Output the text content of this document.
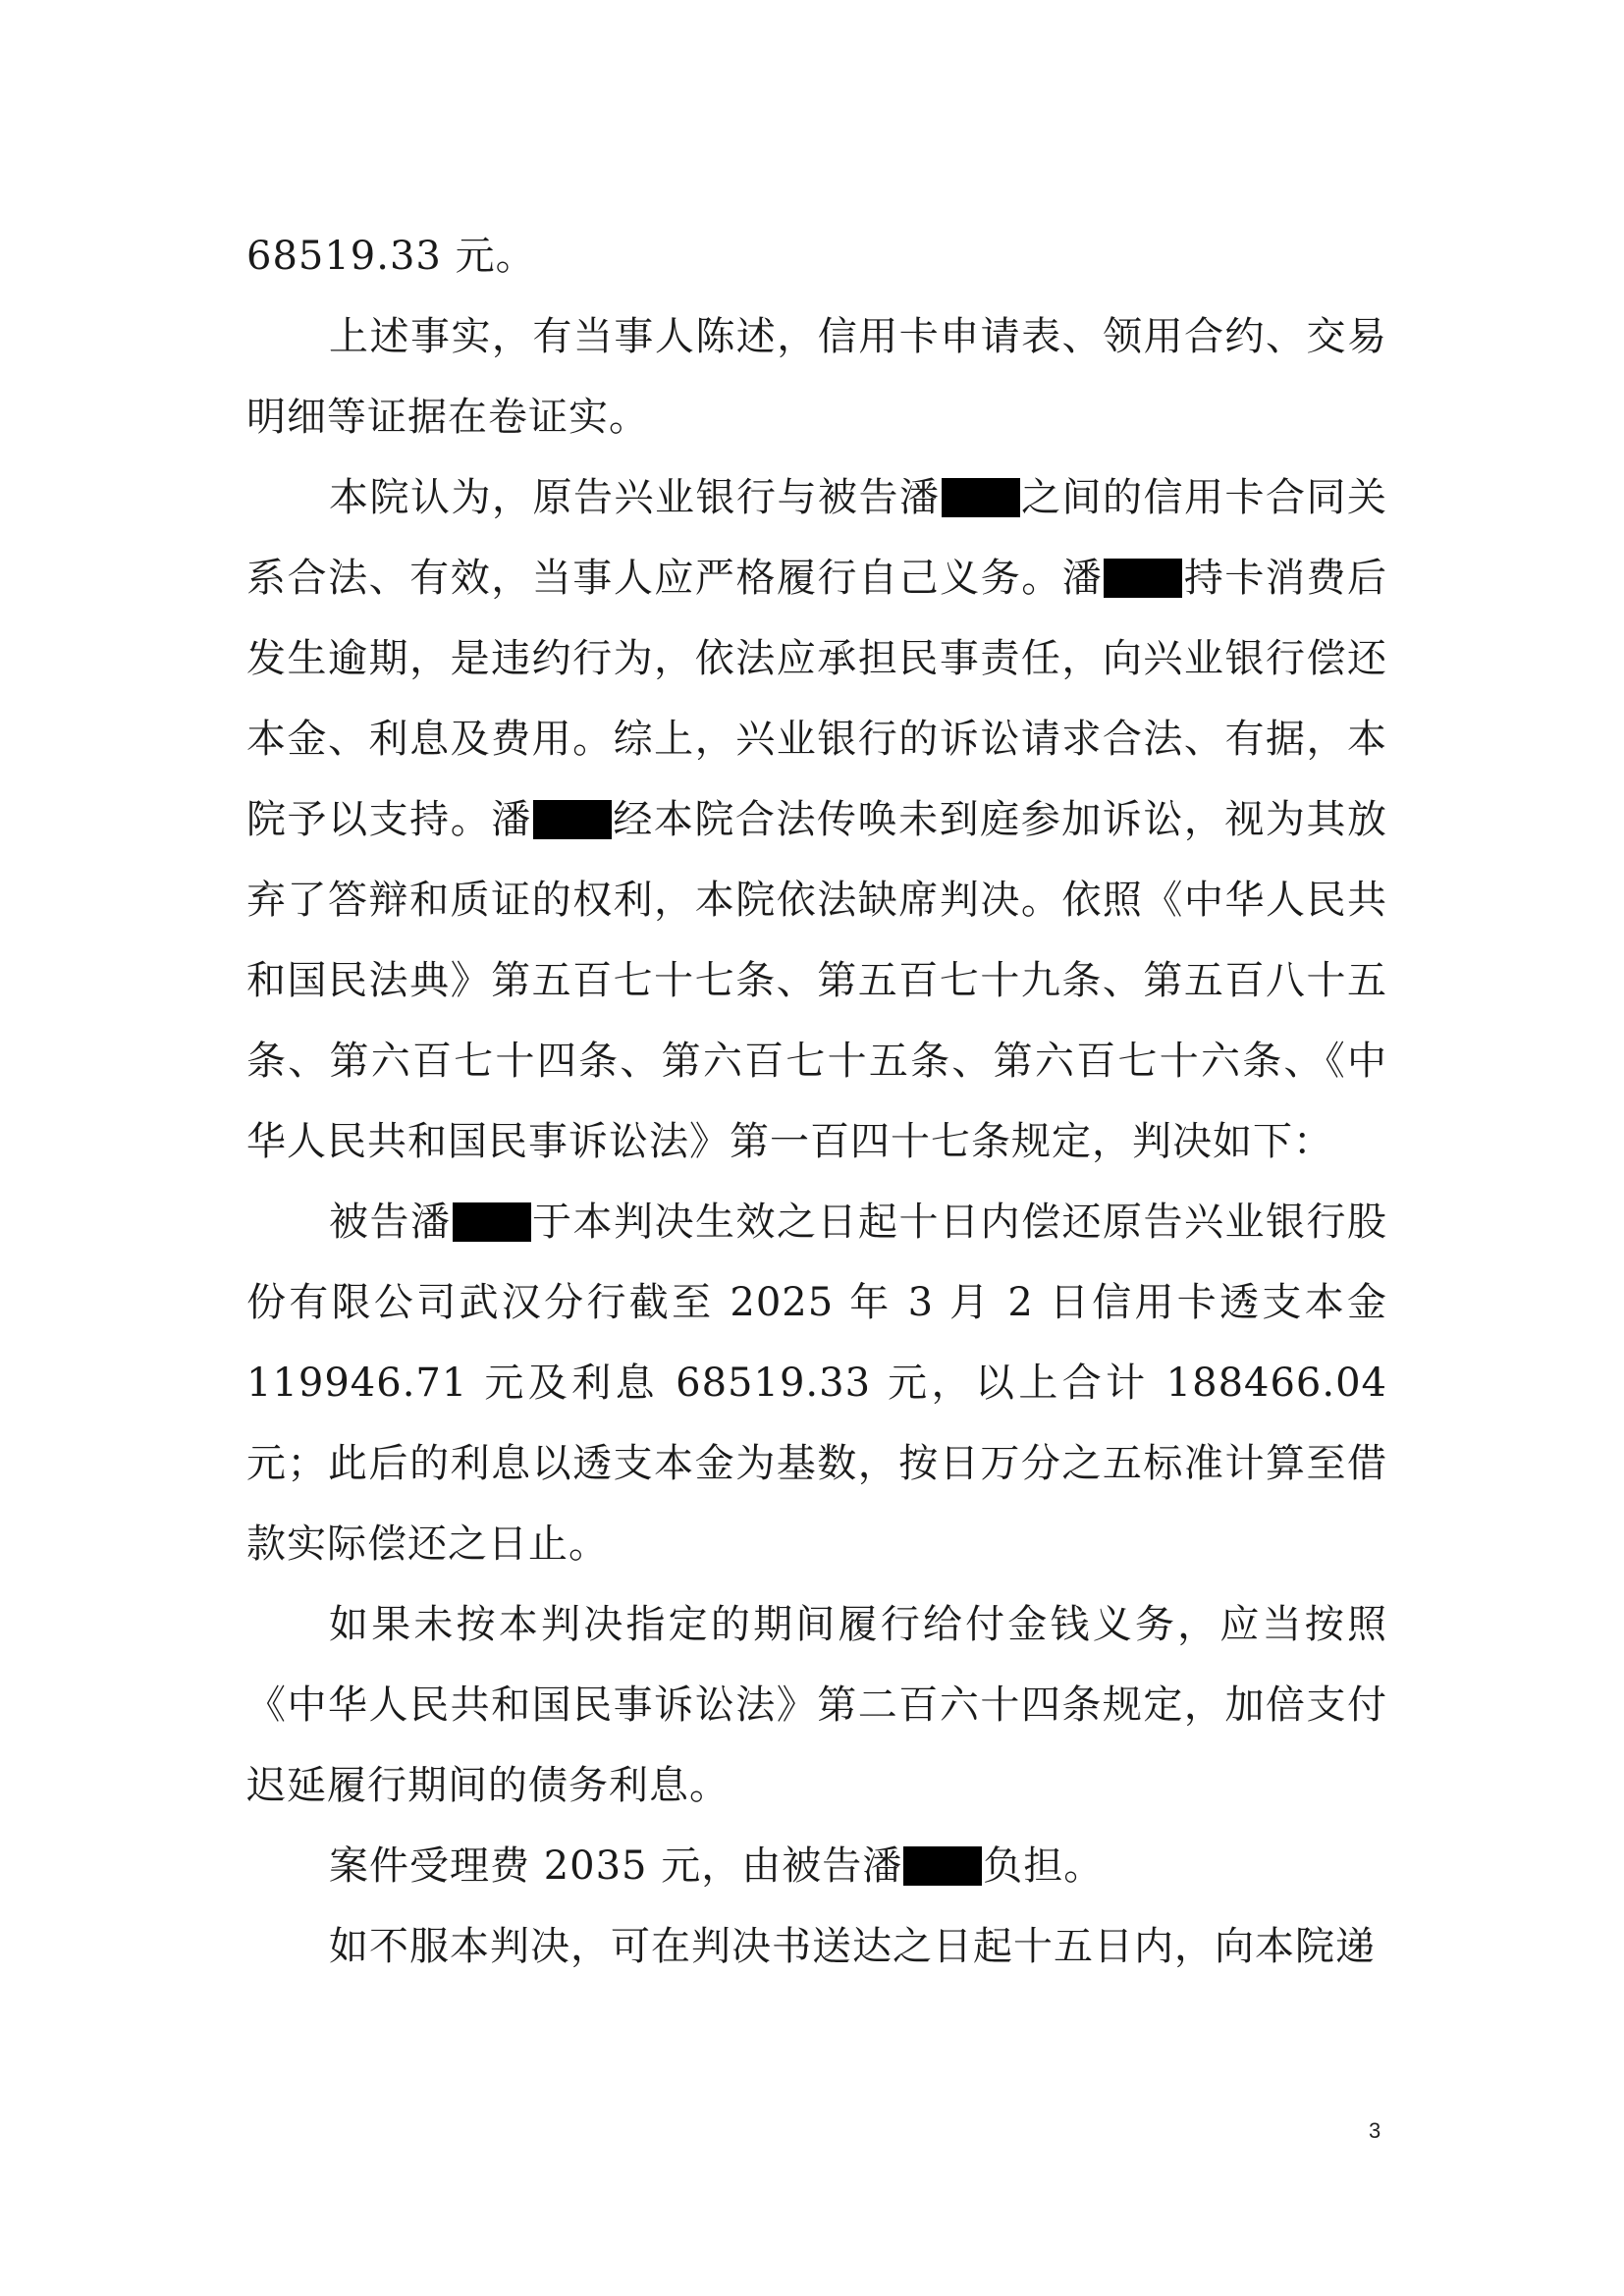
68519.33 元。

上述事实，有当事人陈述，信用卡申请表、领用合约、交易明细等证据在卷证实。

本院认为，原告兴业银行与被告潘 之间的信用卡合同关系合法、有效，当事人应严格履行自己义务。潘 持卡消费后发生逾期，是违约行为，依法应承担民事责任，向兴业银行偿还本金、利息及费用。综上，兴业银行的诉讼请求合法、有据，本院予以支持。潘 经本院合法传唤未到庭参加诉讼，视为其放弃了答辩和质证的权利，本院依法缺席判决。依照《中华人民共和国民法典》第五百七十七条、第五百七十九条、第五百八十五条、第六百七十四条、第六百七十五条、第六百七十六条、《中华人民共和国民事诉讼法》第一百四十七条规定，判决如下：

被告潘 于本判决生效之日起十日内偿还原告兴业银行股份有限公司武汉分行截至 2025 年 3 月 2 日信用卡透支本金 119946.71 元及利息 68519.33 元，以上合计 188466.04 元；此后的利息以透支本金为基数，按日万分之五标准计算至借款实际偿还之日止。

如果未按本判决指定的期间履行给付金钱义务，应当按照《中华人民共和国民事诉讼法》第二百六十四条规定，加倍支付迟延履行期间的债务利息。

案件受理费 2035 元，由被告潘 负担。

如不服本判决，可在判决书送达之日起十五日内，向本院递

3
